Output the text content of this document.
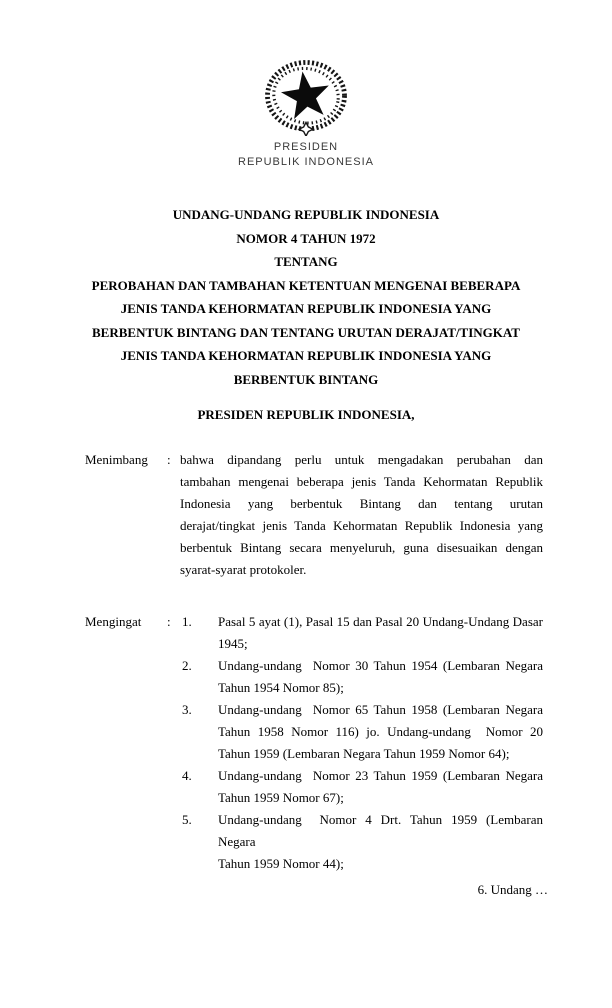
PRESIDEN
REPUBLIK INDONESIA
UNDANG-UNDANG REPUBLIK INDONESIA
NOMOR 4 TAHUN 1972
TENTANG
PEROBAHAN DAN TAMBAHAN KETENTUAN MENGENAI BEBERAPA
JENIS TANDA KEHORMATAN REPUBLIK INDONESIA YANG
BERBENTUK BINTANG DAN TENTANG URUTAN DERAJAT/TINGKAT
JENIS TANDA KEHORMATAN REPUBLIK INDONESIA YANG
BERBENTUK BINTANG
PRESIDEN REPUBLIK INDONESIA,
Menimbang	: bahwa dipandang perlu untuk mengadakan perubahan dan
tambahan mengenai beberapa jenis Tanda Kehormatan Republik
Indonesia yang berbentuk Bintang dan tentang urutan
derajat/tingkat jenis Tanda Kehormatan Republik Indonesia yang
berbentuk Bintang secara menyeluruh, guna disesuaikan dengan
syarat-syarat protokoler.
Mengingat	: 1.	Pasal 5 ayat (1), Pasal 15 dan Pasal 20 Undang-Undang Dasar
1945;
2.	Undang-undang  Nomor 30 Tahun 1954 (Lembaran Negara
Tahun 1954 Nomor 85);
3.	Undang-undang  Nomor 65 Tahun 1958 (Lembaran Negara
Tahun 1958 Nomor 116) jo. Undang-undang  Nomor 20
Tahun 1959 (Lembaran Negara Tahun 1959 Nomor 64);
4.	Undang-undang  Nomor 23 Tahun 1959 (Lembaran Negara
Tahun 1959 Nomor 67);
5.	Undang-undang  Nomor 4 Drt. Tahun 1959 (Lembaran Negara
Tahun 1959 Nomor 44);
6. Undang …
